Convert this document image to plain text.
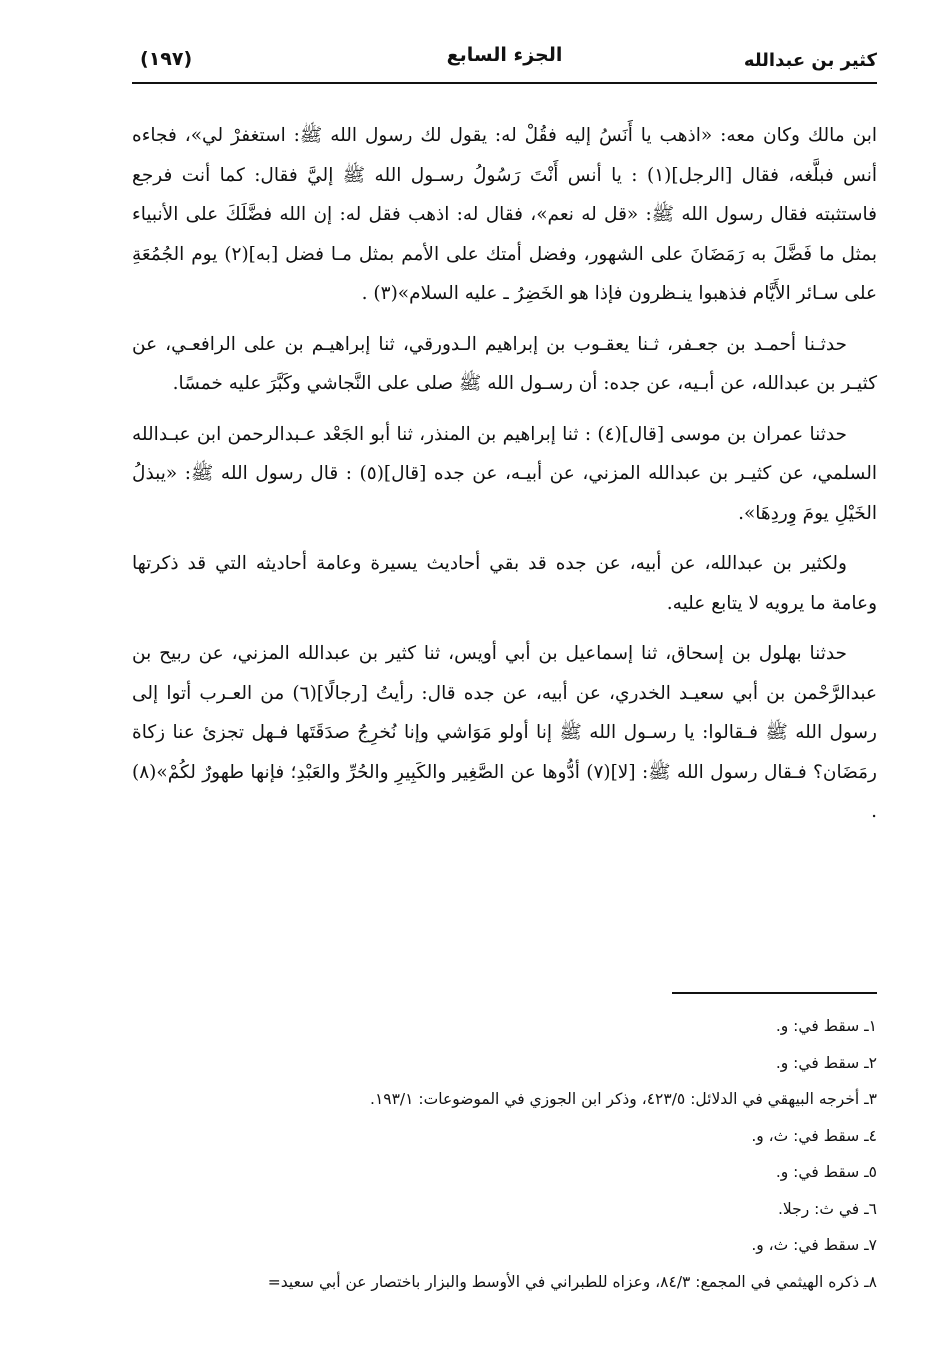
كثير بن عبدالله
الجزء السابع
(١٩٧)

ابن مالك وكان معه: «اذهب يا أَنَسُ إليه فقُلْ له: يقول لك رسول الله ﷺ: استغفرْ لي»، فجاءه أنس فبلَّغه، فقال [الرجل](١) : يا أنس أَنْتَ رَسُولُ رسـول الله ﷺ إليَّ فقال: كما أنت فرجع فاستثبته فقال رسول الله ﷺ: «قل له نعم»، فقال له: اذهب فقل له: إن الله فضَّلَكَ على الأنبياء بمثل ما فَضَّلَ به رَمَضَانَ على الشهور، وفضل أمتك على الأمم بمثل مـا فضل [به](٢) يوم الجُمُعَةِ على سـائر الأَيَّام فذهبوا ينـظرون فإذا هو الخَضِرُ ـ عليه السلام»(٣) .

حدثـنا أحمـد بن جعـفر، ثـنا يعقـوب بن إبراهيم الـدورقي، ثنا إبراهيـم بن على الرافعـي، عن كثيـر بن عبدالله، عن أبـيه، عن جده: أن رسـول الله ﷺ صلى على النَّجاشي وكَبَّرَ عليه خمسًا.

حدثنا عمران بن موسى [قال](٤) : ثنا إبراهيم بن المنذر، ثنا أبو الجَعْد عـبدالرحمن ابن عبـدالله السلمي، عن كثيـر بن عبدالله المزني، عن أبيـه، عن جده [قال](٥) : قال رسول الله ﷺ: «يبذلُ الخَيْلِ يومَ وِردِهَا».

ولكثير بن عبدالله، عن أبيه، عن جده قد بقي أحاديث يسيرة وعامة أحاديثه التي قد ذكرتها وعامة ما يرويه لا يتابع عليه.

حدثنا بهلول بن إسحاق، ثنا إسماعيل بن أبي أويس، ثنا كثير بن عبدالله المزني، عن ربيح بن عبدالرَّحْمن بن أبي سعيـد الخدري، عن أبيه، عن جده قال: رأيتُ [رجالًا](٦) من العـرب أتوا إلى رسول الله ﷺ فـقالوا: يا رسـول الله ﷺ إنا أولو مَوَاشي وإنا نُخرِجُ صدَقَتَها فـهل تجزئ عنا زكاة رمَضَان؟ فـقال رسول الله ﷺ: [لا](٧) أدُّوها عن الصَّغِير والكَبِيرِ والحُرِّ والعَبْدِ؛ فإنها طهورٌ لكُمْ»(٨) .

١ـ سقط في: و.
٢ـ سقط في: و.
٣ـ أخرجه البيهقي في الدلائل: ٤٢٣/٥، وذكر ابن الجوزي في الموضوعات: ١٩٣/١.
٤ـ سقط في: ث، و.
٥ـ سقط في: و.
٦ـ في ث: رجلا.
٧ـ سقط في: ث، و.
٨ـ ذكره الهيثمي في المجمع: ٨٤/٣، وعزاه للطبراني في الأوسط والبزار باختصار عن أبي سعيد=
